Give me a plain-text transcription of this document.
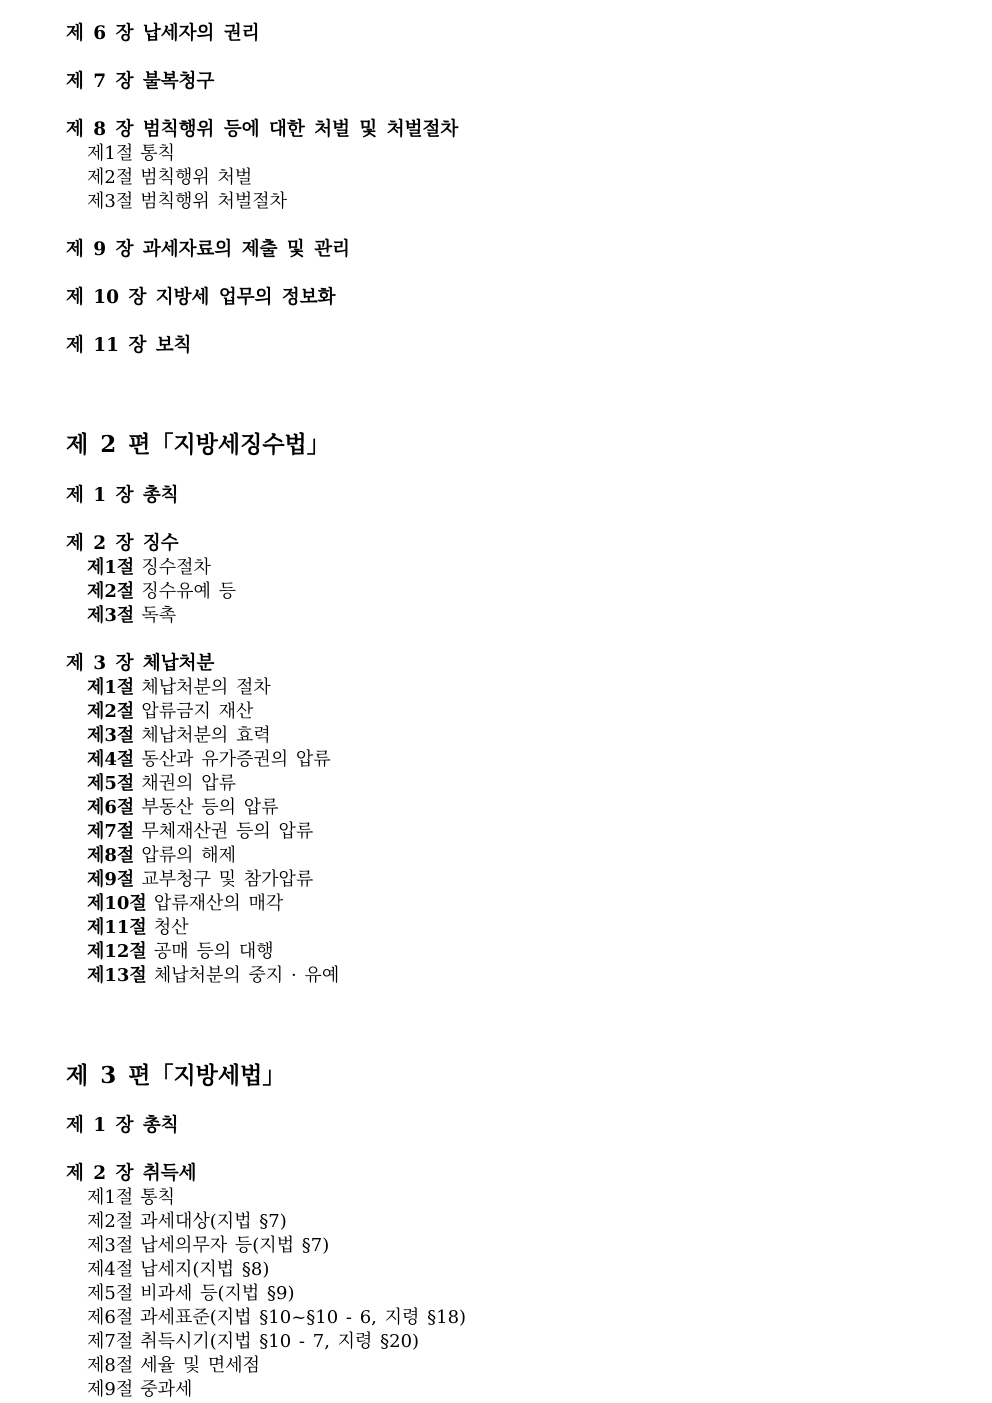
제 6 장 납세자의 권리

제 7 장 불복청구

제 8 장 범칙행위 등에 대한 처벌 및 처벌절차

제1절 통칙

제2절 범칙행위 처벌

제3절 범칙행위 처벌절차

제 9 장 과세자료의 제출 및 관리

제 10 장 지방세 업무의 정보화

제 11 장 보칙

제 2 편「지방세징수법」

제 1 장 총칙

제 2 장 징수

제1절 징수절차

제2절 징수유예 등

제3절 독촉

제 3 장 체납처분

제1절 체납처분의 절차

제2절 압류금지 재산

제3절 체납처분의 효력

제4절 동산과 유가증권의 압류

제5절 채권의 압류

제6절 부동산 등의 압류

제7절 무체재산권 등의 압류

제8절 압류의 해제

제9절 교부청구 및 참가압류

제10절 압류재산의 매각

제11절 청산

제12절 공매 등의 대행

제13절 체납처분의 중지 · 유예

제 3 편「지방세법」

제 1 장 총칙

제 2 장 취득세

제1절 통칙

제2절 과세대상(지법 §7)

제3절 납세의무자 등(지법 §7)

제4절 납세지(지법 §8)

제5절 비과세 등(지법 §9)

제6절 과세표준(지법 §10~§10 - 6, 지령 §18)

제7절 취득시기(지법 §10 - 7, 지령 §20)

제8절 세율 및 면세점

제9절 중과세
